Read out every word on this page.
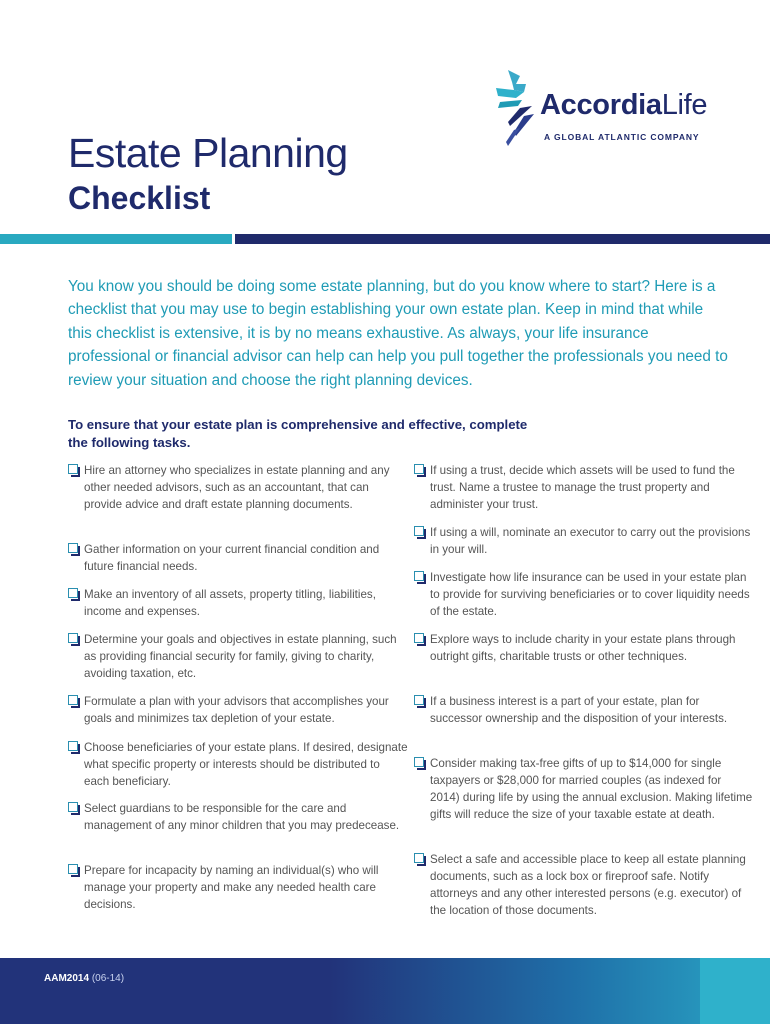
AccordiaLife
A GLOBAL ATLANTIC COMPANY
Estate Planning
Checklist
You know you should be doing some estate planning, but do you know where to start? Here is a checklist that you may use to begin establishing your own estate plan. Keep in mind that while this checklist is extensive, it is by no means exhaustive. As always, your life insurance professional or financial advisor can help can help you pull together the professionals you need to review your situation and choose the right planning devices.
To ensure that your estate plan is comprehensive and effective, complete the following tasks.
Hire an attorney who specializes in estate planning and any other needed advisors, such as an accountant, that can provide advice and draft estate planning documents.
Gather information on your current financial condition and future financial needs.
Make an inventory of all assets, property titling, liabilities, income and expenses.
Determine your goals and objectives in estate planning, such as providing financial security for family, giving to charity, avoiding taxation, etc.
Formulate a plan with your advisors that accomplishes your goals and minimizes tax depletion of your estate.
Choose beneficiaries of your estate plans. If desired, designate what specific property or interests should be distributed to each beneficiary.
Select guardians to be responsible for the care and management of any minor children that you may predecease.
Prepare for incapacity by naming an individual(s) who will manage your property and make any needed health care decisions.
If using a trust, decide which assets will be used to fund the trust. Name a trustee to manage the trust property and administer your trust.
If using a will, nominate an executor to carry out the provisions in your will.
Investigate how life insurance can be used in your estate plan to provide for surviving beneficiaries or to cover liquidity needs of the estate.
Explore ways to include charity in your estate plans through outright gifts, charitable trusts or other techniques.
If a business interest is a part of your estate, plan for successor ownership and the disposition of your interests.
Consider making tax-free gifts of up to $14,000 for single taxpayers or $28,000 for married couples (as indexed for 2014) during life by using the annual exclusion. Making lifetime gifts will reduce the size of your taxable estate at death.
Select a safe and accessible place to keep all estate planning documents, such as a lock box or fireproof safe. Notify attorneys and any other interested persons (e.g. executor) of the location of those documents.
AAM2014 (06-14)
